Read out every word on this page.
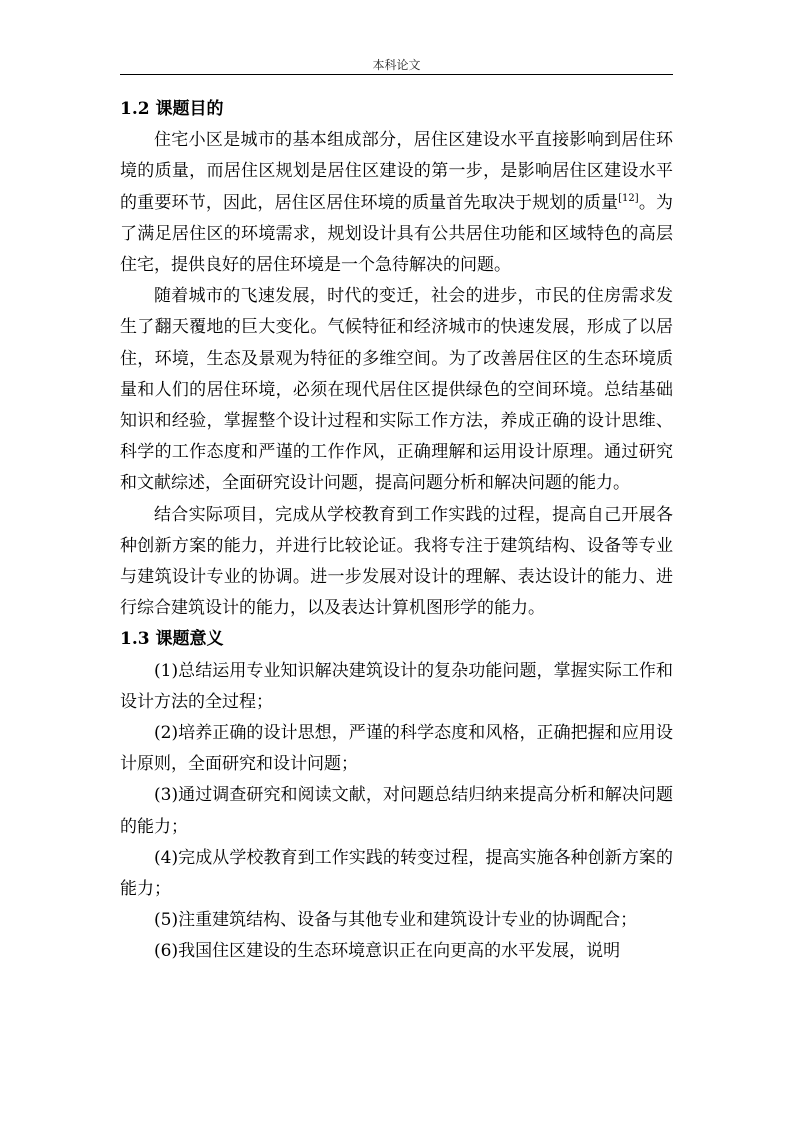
本科论文
1.2 课题目的

住宅小区是城市的基本组成部分，居住区建设水平直接影响到居住环境的质量，而居住区规划是居住区建设的第一步，是影响居住区建设水平的重要环节，因此，居住区居住环境的质量首先取决于规划的质量[12]。为了满足居住区的环境需求，规划设计具有公共居住功能和区域特色的高层住宅，提供良好的居住环境是一个急待解决的问题。

随着城市的飞速发展，时代的变迁，社会的进步，市民的住房需求发生了翻天覆地的巨大变化。气候特征和经济城市的快速发展，形成了以居住，环境，生态及景观为特征的多维空间。为了改善居住区的生态环境质量和人们的居住环境，必须在现代居住区提供绿色的空间环境。总结基础知识和经验，掌握整个设计过程和实际工作方法，养成正确的设计思维、科学的工作态度和严谨的工作作风，正确理解和运用设计原理。通过研究和文献综述，全面研究设计问题，提高问题分析和解决问题的能力。

结合实际项目，完成从学校教育到工作实践的过程，提高自己开展各种创新方案的能力，并进行比较论证。我将专注于建筑结构、设备等专业与建筑设计专业的协调。进一步发展对设计的理解、表达设计的能力、进行综合建筑设计的能力，以及表达计算机图形学的能力。

1.3 课题意义

(1)总结运用专业知识解决建筑设计的复杂功能问题，掌握实际工作和设计方法的全过程；

(2)培养正确的设计思想，严谨的科学态度和风格，正确把握和应用设计原则，全面研究和设计问题；

(3)通过调查研究和阅读文献，对问题总结归纳来提高分析和解决问题的能力；

(4)完成从学校教育到工作实践的转变过程，提高实施各种创新方案的能力；

(5)注重建筑结构、设备与其他专业和建筑设计专业的协调配合；

(6)我国住区建设的生态环境意识正在向更高的水平发展，说明
